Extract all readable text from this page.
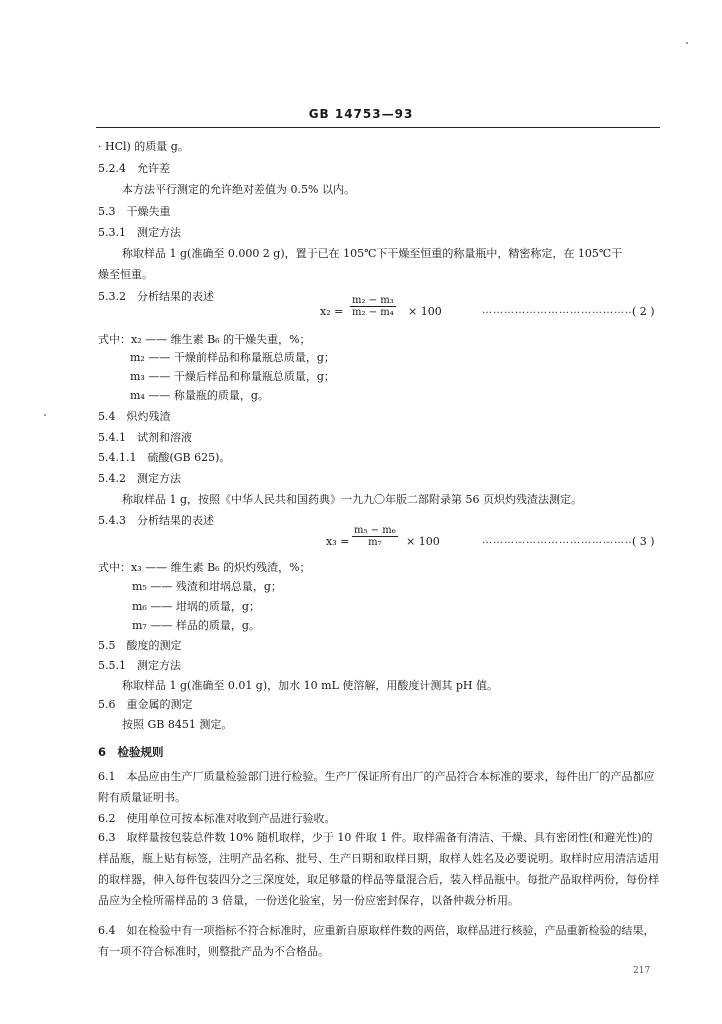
GB 14753—93
· HCl) 的质量 g。
5.2.4　允许差
本方法平行测定的允许绝对差值为 0.5% 以内。
5.3　干燥失重
5.3.1　测定方法
称取样品 1 g(准确至 0.000 2 g)，置于已在 105℃下干燥至恒重的称量瓶中，精密称定，在 105℃干
燥至恒重。
5.3.2　分析结果的表述
$x_2 = \frac{\text{m₂ − m₃}}{\text{m₂ − m₄}} \times 100$	……………………………………
( 2 )
式中：x₂ —— 维生素 B₆ 的干燥失重，%；
m₂ —— 干燥前样品和称量瓶总质量，g；
m₃ —— 干燥后样品和称量瓶总质量，g；
m₄ —— 称量瓶的质量，g。
5.4　炽灼残渣
5.4.1　试剂和溶液
5.4.1.1　硫酸(GB 625)。
5.4.2　测定方法
称取样品 1 g，按照《中华人民共和国药典》一九九〇年版二部附录第 56 页炽灼残渣法测定。
5.4.3　分析结果的表述
$x_3 = \frac{\text{m₅ − m₆}}{\text{m₇}} \times 100$	……………………………………
( 3 )
式中：x₃ —— 维生素 B₆ 的炽灼残渣，%；
m₅ —— 残渣和坩埚总量，g；
m₆ —— 坩埚的质量，g；
m₇ —— 样品的质量，g。
5.5　酸度的测定
5.5.1　测定方法
称取样品 1 g(准确至 0.01 g)，加水 10 mL 使溶解，用酸度计测其 pH 值。
5.6　重金属的测定
按照 GB 8451 测定。
6　检验规则
6.1　本品应由生产厂质量检验部门进行检验。生产厂保证所有出厂的产品符合本标准的要求，每件出厂的产品都应附有质量证明书。
6.2　使用单位可按本标准对收到产品进行验收。
6.3　取样量按包装总件数 10% 随机取样，少于 10 件取 1 件。取样需备有清洁、干燥、具有密闭性(和避光性)的样品瓶，瓶上贴有标签，注明产品名称、批号、生产日期和取样日期，取样人姓名及必要说明。取样时应用清洁适用的取样器，伸入每件包装四分之三深度处，取足够量的样品等量混合后，装入样品瓶中。每批产品取样两份，每份样品应为全检所需样品的 3 倍量，一份送化验室，另一份应密封保存，以备仲裁分析用。
6.4　如在检验中有一项指标不符合标准时，应重新自原取样件数的两倍，取样品进行核验，产品重新检验的结果，有一项不符合标准时，则整批产品为不合格品。
217
